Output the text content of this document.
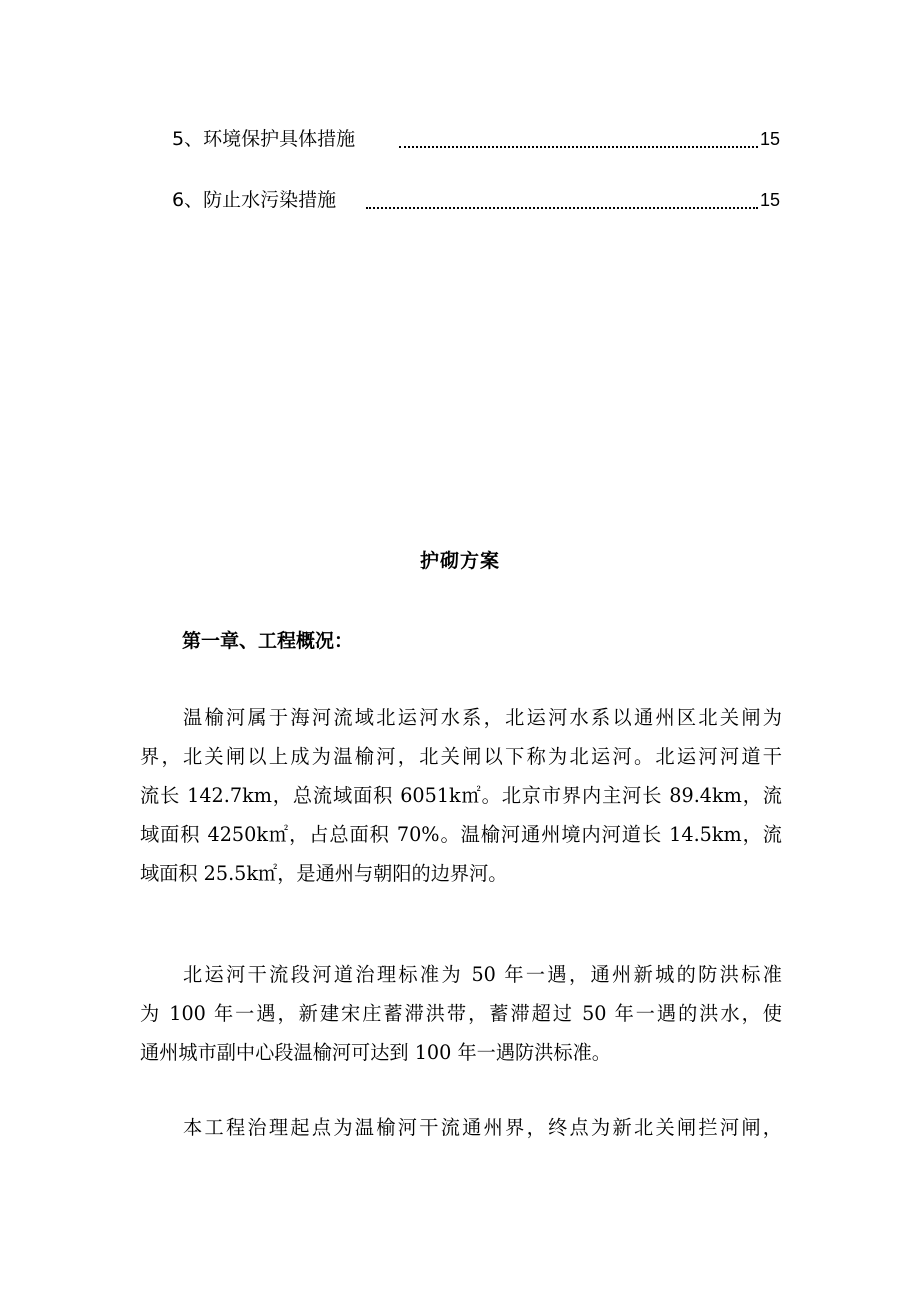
5、环境保护具体措施	15
6、防止水污染措施	15
护砌方案
第一章、工程概况：

温榆河属于海河流域北运河水系，北运河水系以通州区北关闸为
界，北关闸以上成为温榆河，北关闸以下称为北运河。北运河河道干
流长 142.7km，总流域面积 6051k㎡。北京市界内主河长 89.4km，流
域面积 4250k㎡，占总面积 70%。温榆河通州境内河道长 14.5km，流
域面积 25.5k㎡，是通州与朝阳的边界河。

北运河干流段河道治理标准为 50 年一遇，通州新城的防洪标准
为 100 年一遇，新建宋庄蓄滞洪带，蓄滞超过 50 年一遇的洪水，使
通州城市副中心段温榆河可达到 100 年一遇防洪标准。

本工程治理起点为温榆河干流通州界，终点为新北关闸拦河闸，
